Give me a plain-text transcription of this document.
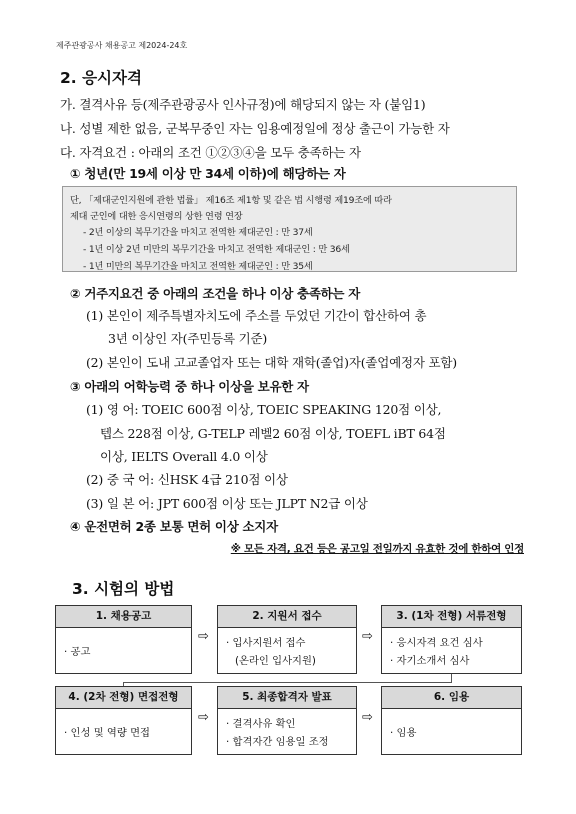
제주관광공사 채용공고 제2024-24호
2. 응시자격
가. 결격사유 등(제주관광공사 인사규정)에 해당되지 않는 자 (붙임1)
나. 성별 제한 없음, 군복무중인 자는 임용예정일에 정상 출근이 가능한 자
다. 자격요건 : 아래의 조건 ①②③④을 모두 충족하는 자
① 청년(만 19세 이상 만 34세 이하)에 해당하는 자
단, 「제대군인지원에 관한 법률」 제16조 제1항 및 같은 법 시행령 제19조에 따라
제대 군인에 대한 응시연령의 상한 연령 연장
- 2년 이상의 복무기간을 마치고 전역한 제대군인 : 만 37세
- 1년 이상 2년 미만의 복무기간을 마치고 전역한 제대군인 : 만 36세
- 1년 미만의 복무기간을 마치고 전역한 제대군인 : 만 35세
② 거주지요건 중 아래의 조건을 하나 이상 충족하는 자
(1) 본인이 제주특별자치도에 주소를 두었던 기간이 합산하여 총
3년 이상인 자(주민등록 기준)
(2) 본인이 도내 고교졸업자 또는 대학 재학(졸업)자(졸업예정자 포함)
③ 아래의 어학능력 중 하나 이상을 보유한 자
(1) 영 어: TOEIC 600점 이상, TOEIC SPEAKING 120점 이상,
텝스 228점 이상, G-TELP 레벨2 60점 이상, TOEFL iBT 64점
이상, IELTS Overall 4.0 이상
(2) 중 국 어: 신HSK 4급 210점 이상
(3) 일 본 어: JPT 600점 이상 또는 JLPT N2급 이상
④ 운전면허 2종 보통 면허 이상 소지자
※ 모든 자격, 요건 등은 공고일 전일까지 유효한 것에 한하여 인정
3. 시험의 방법
1. 채용공고
· 공고
⇨
2. 지원서 접수
· 입사지원서 접수
(온라인 입사지원)
⇨
3. (1차 전형) 서류전형
· 응시자격 요건 심사
· 자기소개서 심사
4. (2차 전형) 면접전형
· 인성 및 역량 면접
⇨
5. 최종합격자 발표
· 결격사유 확인
· 합격자간 임용일 조정
⇨
6. 임용
· 임용
